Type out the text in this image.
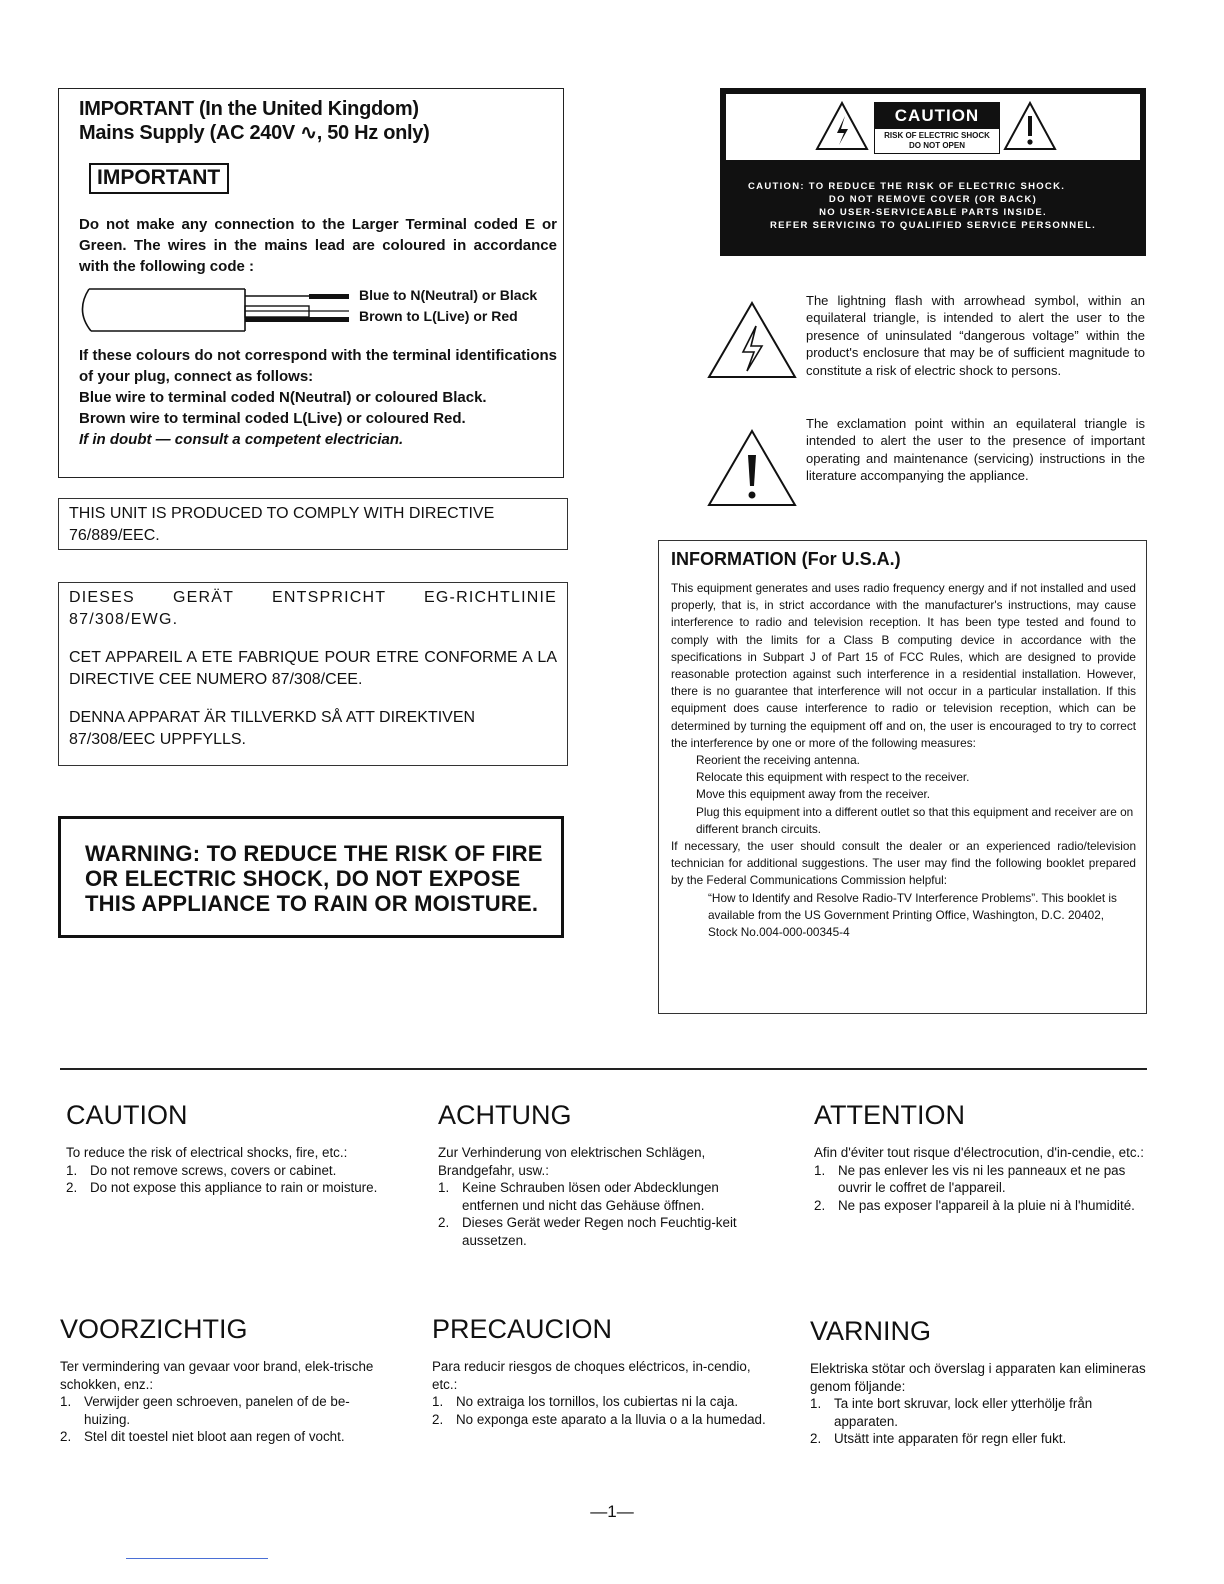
IMPORTANT (In the United Kingdom)

Mains Supply (AC 240V ∿, 50 Hz only)

IMPORTANT

Do not make any connection to the Larger Terminal coded E or Green. The wires in the mains lead are coloured in accordance with the following code :

Blue to N(Neutral) or Black
Brown to L(Live) or Red

If these colours do not correspond with the terminal identifications of your plug, connect as follows:

Blue wire to terminal coded N(Neutral) or coloured Black.

Brown wire to terminal coded L(Live) or coloured Red.

If in doubt — consult a competent electrician.

THIS UNIT IS PRODUCED TO COMPLY WITH DIRECTIVE 76/889/EEC.

DIESES GERÄT ENTSPRICHT EG-RICHTLINIE 87/308/EWG.

CET APPAREIL A ETE FABRIQUE POUR ETRE CONFORME A LA DIRECTIVE CEE NUMERO 87/308/CEE.

DENNA APPARAT ÄR TILLVERKD SÅ ATT DIREKTIVEN 87/308/EEC UPPFYLLS.

WARNING: TO REDUCE THE RISK OF FIRE OR ELECTRIC SHOCK, DO NOT EXPOSE THIS APPLIANCE TO RAIN OR MOISTURE.

CAUTION
RISK OF ELECTRIC SHOCK
DO NOT OPEN
CAUTION: TO REDUCE THE RISK OF ELECTRIC SHOCK.
DO NOT REMOVE COVER (OR BACK)
NO USER-SERVICEABLE PARTS INSIDE.
REFER SERVICING TO QUALIFIED SERVICE PERSONNEL.

The lightning flash with arrowhead symbol, within an equilateral triangle, is intended to alert the user to the presence of uninsulated “dangerous voltage” within the product's enclosure that may be of sufficient magnitude to constitute a risk of electric shock to persons.

The exclamation point within an equilateral triangle is intended to alert the user to the presence of important operating and maintenance (servicing) instructions in the literature accompanying the appliance.

INFORMATION (For U.S.A.)

This equipment generates and uses radio frequency energy and if not installed and used properly, that is, in strict accordance with the manufacturer's instructions, may cause interference to radio and television reception. It has been type tested and found to comply with the limits for a Class B computing device in accordance with the specifications in Subpart J of Part 15 of FCC Rules, which are designed to provide reasonable protection against such interference in a residential installation. However, there is no guarantee that interference will not occur in a particular installation. If this equipment does cause interference to radio or television reception, which can be determined by turning the equipment off and on, the user is encouraged to try to correct the interference by one or more of the following measures:

Reorient the receiving antenna.

Relocate this equipment with respect to the receiver.

Move this equipment away from the receiver.

Plug this equipment into a different outlet so that this equipment and receiver are on different branch circuits.

If necessary, the user should consult the dealer or an experienced radio/television technician for additional suggestions. The user may find the following booklet prepared by the Federal Communications Commission helpful:

“How to Identify and Resolve Radio-TV Interference Problems”. This booklet is available from the US Government Printing Office, Washington, D.C. 20402, Stock No.004-000-00345-4

CAUTION

To reduce the risk of electrical shocks, fire, etc.:

1. Do not remove screws, covers or cabinet.
2. Do not expose this appliance to rain or moisture.

ACHTUNG

Zur Verhinderung von elektrischen Schlägen, Brandgefahr, usw.:

1. Keine Schrauben lösen oder Abdecklungen entfernen und nicht das Gehäuse öffnen.
2. Dieses Gerät weder Regen noch Feuchtig-keit aussetzen.

ATTENTION

Afin d'éviter tout risque d'électrocution, d'in-cendie, etc.:

1. Ne pas enlever les vis ni les panneaux et ne pas ouvrir le coffret de l'appareil.
2. Ne pas exposer l'appareil à la pluie ni à l'humidité.

VOORZICHTIG

Ter vermindering van gevaar voor brand, elek-trische schokken, enz.:

1. Verwijder geen schroeven, panelen of de be-huizing.
2. Stel dit toestel niet bloot aan regen of vocht.

PRECAUCION

Para reducir riesgos de choques eléctricos, in-cendio, etc.:

1. No extraiga los tornillos, los cubiertas ni la caja.
2. No exponga este aparato a la lluvia o a la humedad.

VARNING

Elektriska stötar och överslag i apparaten kan elimineras genom följande:

1. Ta inte bort skruvar, lock eller ytterhölje från apparaten.
2. Utsätt inte apparaten för regn eller fukt.
—1—
